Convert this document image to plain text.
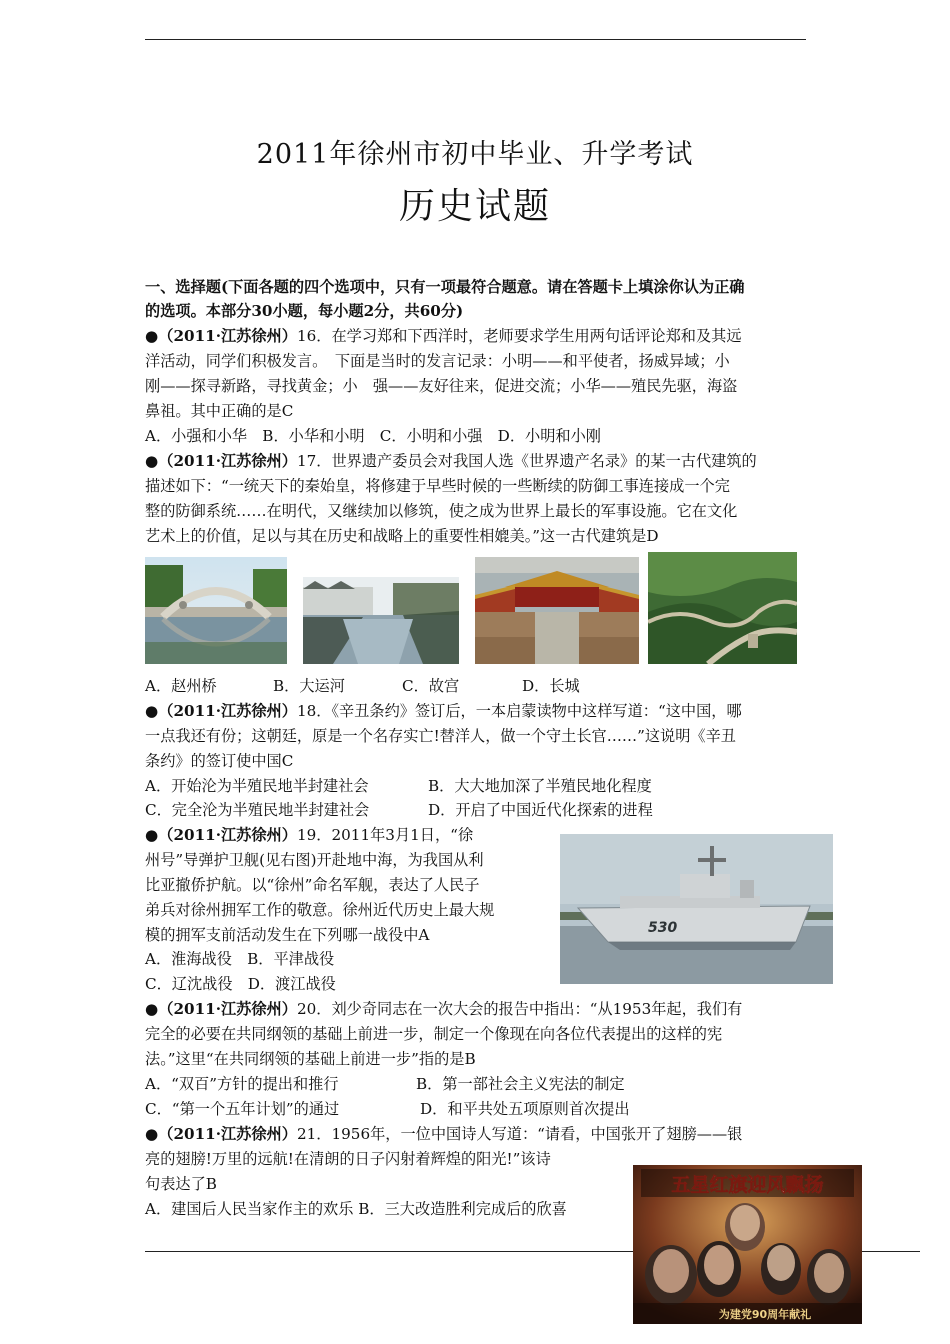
2011年徐州市初中毕业、升学考试
历史试题
一、选择题(下面各题的四个选项中，只有一项最符合题意。请在答题卡上填涂你认为正确
的选项。本部分30小题，每小题2分，共60分)
●（2011·江苏徐州）16．在学习郑和下西洋时，老师要求学生用两句话评论郑和及其远
洋活动，同学们积极发言。　下面是当时的发言记录：小明——和平使者，扬威异域；小
刚——探寻新路，寻找黄金；小　强——友好往来，促进交流；小华——殖民先驱，海盗
鼻祖。其中正确的是C
A．小强和小华　B．小华和小明　C．小明和小强　D．小明和小刚
●（2011·江苏徐州）17．世界遗产委员会对我国人选《世界遗产名录》的某一古代建筑的
描述如下：“一统天下的秦始皇，将修建于早些时候的一些断续的防御工事连接成一个完
整的防御系统……在明代，又继续加以修筑，使之成为世界上最长的军事设施。它在文化
艺术上的价值，足以与其在历史和战略上的重要性相媲美。”这一古代建筑是D
A．赵州桥	B．大运河	C．故宫	D．长城
●（2011·江苏徐州）18．《辛丑条约》签订后，一本启蒙读物中这样写道：“这中国，哪
一点我还有份；这朝廷，原是一个名存实亡!替洋人，做一个守土长官……”这说明《辛丑
条约》的签订使中国C
A．开始沦为半殖民地半封建社会	B．大大地加深了半殖民地化程度
C．完全沦为半殖民地半封建社会	D．开启了中国近代化探索的进程
●（2011·江苏徐州）19．2011年3月1日，“徐
州号”导弹护卫舰(见右图)开赴地中海，为我国从利
比亚撤侨护航。以“徐州”命名军舰，表达了人民子
弟兵对徐州拥军工作的敬意。徐州近代历史上最大规
模的拥军支前活动发生在下列哪一战役中A
A．淮海战役　B．平津战役
C．辽沈战役　D．渡江战役
530
●（2011·江苏徐州）20．刘少奇同志在一次大会的报告中指出：“从1953年起，我们有
完全的必要在共同纲领的基础上前进一步，制定一个像现在向各位代表提出的这样的宪
法。”这里“在共同纲领的基础上前进一步”指的是B
A．“双百”方针的提出和推行	B．第一部社会主义宪法的制定
C．“第一个五年计划”的通过	D．和平共处五项原则首次提出
●（2011·江苏徐州）21．1956年，一位中国诗人写道：“请看，中国张开了翅膀——银
亮的翅膀!万里的远航!在清朗的日子闪射着辉煌的阳光!”该诗
句表达了B
A．建国后人民当家作主的欢乐 B．三大改造胜利完成后的欣喜
五星红旗迎风飘扬
为建党90周年献礼
